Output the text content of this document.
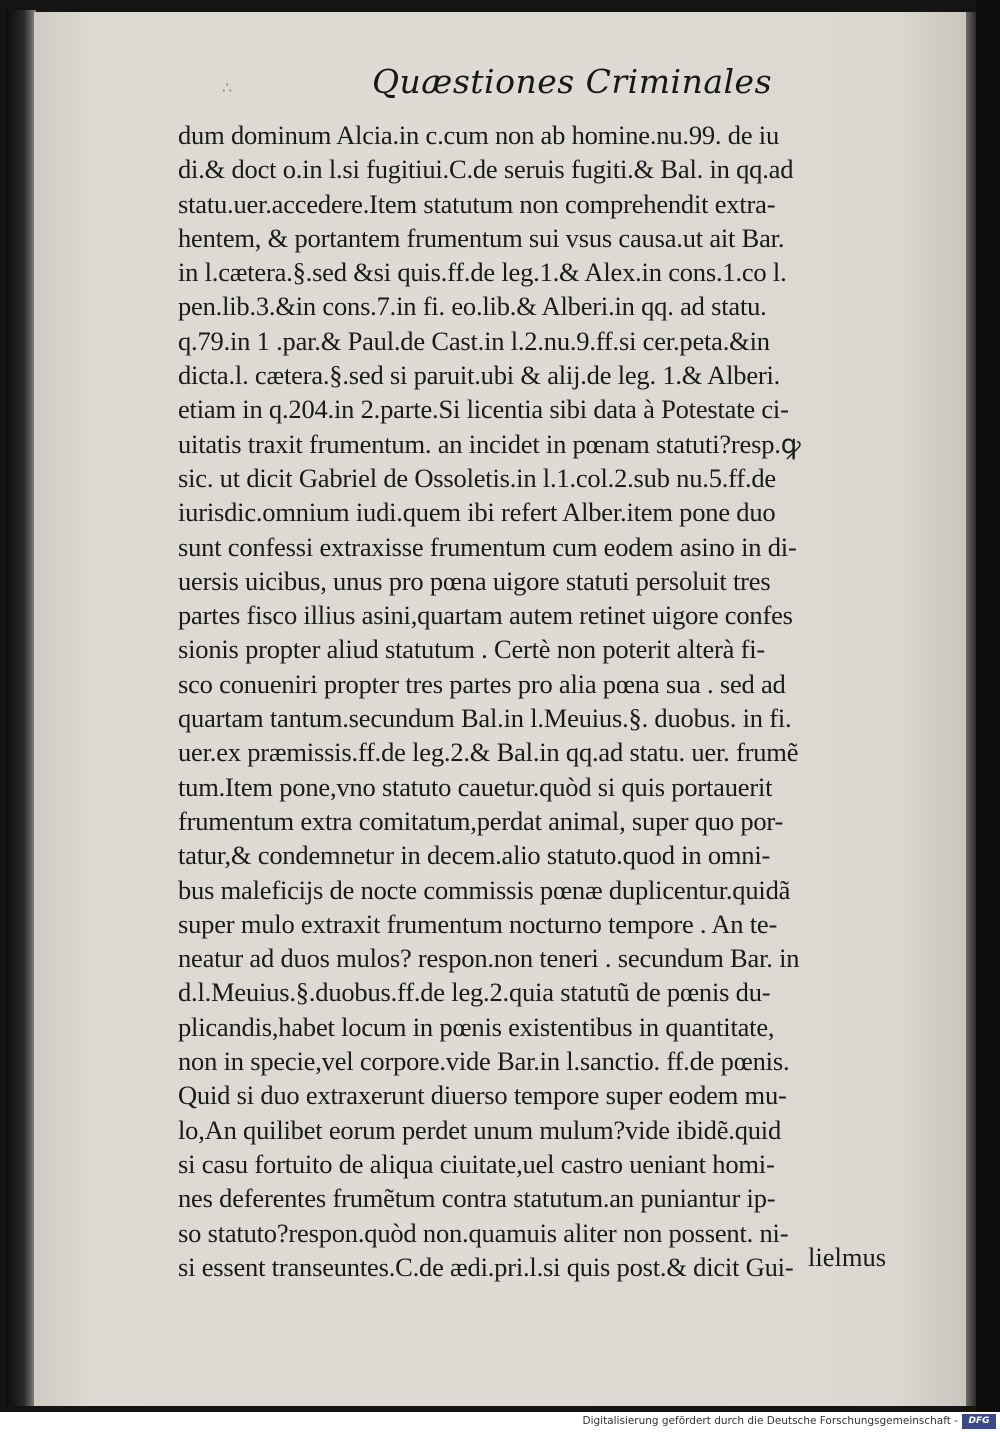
∴	Quæstiones Criminales
dum dominum Alcia.in c.cum non ab homine.nu.99. de iu
di.& doct o.in l.si fugitiui.C.de seruis fugiti.& Bal. in qq.ad
statu.uer.accedere.Item statutum non comprehendit extra-
hentem, & portantem frumentum sui vsus causa.ut ait Bar.
in l.cætera.§.sed &si quis.ff.de leg.1.& Alex.in cons.1.co l.
pen.lib.3.&in cons.7.in fi. eo.lib.& Alberi.in qq. ad statu.
q.79.in 1 .par.& Paul.de Cast.in l.2.nu.9.ff.si cer.peta.&in
dicta.l. cætera.§.sed si paruit.ubi & alij.de leg. 1.& Alberi.
etiam in q.204.in 2.parte.Si licentia sibi data à Potestate ci-
uitatis traxit frumentum. an incidet in pœnam statuti?resp.ꝙ
sic. ut dicit Gabriel de Ossoletis.in l.1.col.2.sub nu.5.ff.de
iurisdic.omnium iudi.quem ibi refert Alber.item pone duo
sunt confessi extraxisse frumentum cum eodem asino in di-
uersis uicibus, unus pro pœna uigore statuti persoluit tres
partes fisco illius asini,quartam autem retinet uigore confes
sionis propter aliud statutum . Certè non poterit alterà fi-
sco conueniri propter tres partes pro alia pœna sua . sed ad
quartam tantum.secundum Bal.in l.Meuius.§. duobus. in fi.
uer.ex præmissis.ff.de leg.2.& Bal.in qq.ad statu. uer. frumẽ
tum.Item pone,vno statuto cauetur.quòd si quis portauerit
frumentum extra comitatum,perdat animal, super quo por-
tatur,& condemnetur in decem.alio statuto.quod in omni-
bus maleficijs de nocte commissis pœnæ duplicentur.quidã
super mulo extraxit frumentum nocturno tempore . An te-
neatur ad duos mulos? respon.non teneri . secundum Bar. in
d.l.Meuius.§.duobus.ff.de leg.2.quia statutũ de pœnis du-
plicandis,habet locum in pœnis existentibus in quantitate,
non in specie,vel corpore.vide Bar.in l.sanctio. ff.de pœnis.
Quid si duo extraxerunt diuerso tempore super eodem mu-
lo,An quilibet eorum perdet unum mulum?vide ibidẽ.quid
si casu fortuito de aliqua ciuitate,uel castro ueniant homi-
nes deferentes frumẽtum contra statutum.an puniantur ip-
so statuto?respon.quòd non.quamuis aliter non possent. ni-
si essent transeuntes.C.de ædi.pri.l.si quis post.& dicit Gui- lielmus
Digitalisierung gefördert durch die Deutsche Forschungsgemeinschaft -	DFG
